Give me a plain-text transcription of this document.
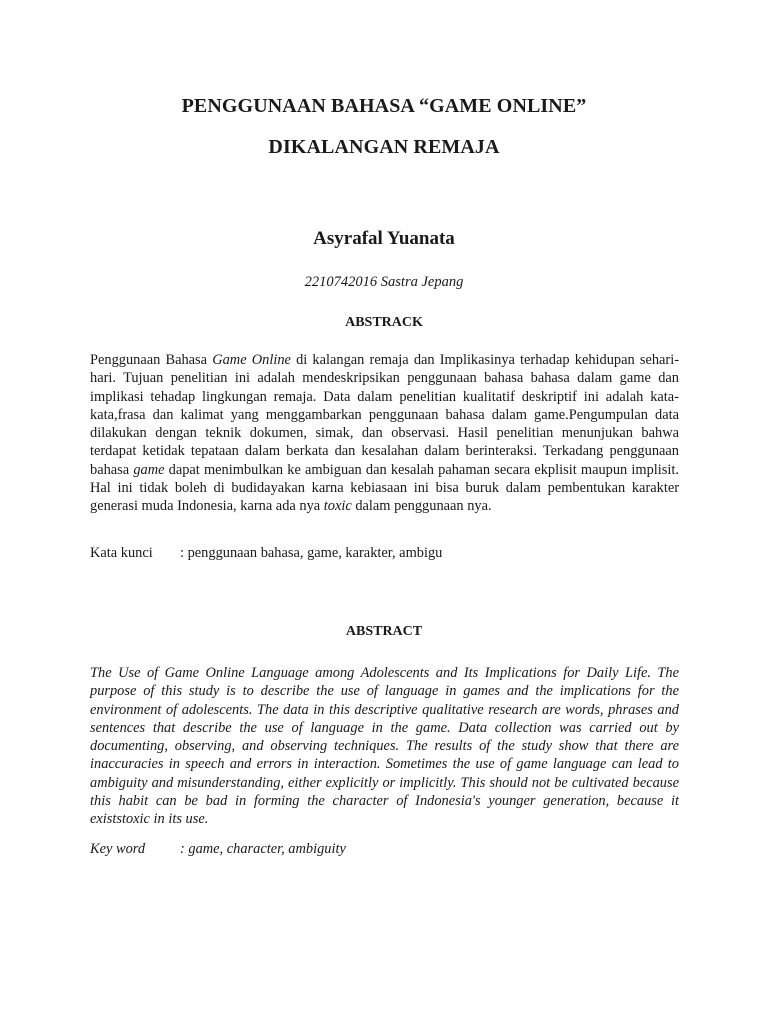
PENGGUNAAN BAHASA “GAME ONLINE”
DIKALANGAN REMAJA
Asyrafal Yuanata
2210742016 Sastra Jepang
ABSTRACK

Penggunaan Bahasa Game Online di kalangan remaja dan Implikasinya terhadap kehidupan sehari-hari. Tujuan penelitian ini adalah mendeskripsikan penggunaan bahasa bahasa dalam game dan implikasi tehadap lingkungan remaja. Data dalam penelitian kualitatif deskriptif ini adalah kata-kata,frasa dan kalimat yang menggambarkan penggunaan bahasa dalam game.Pengumpulan data dilakukan dengan teknik dokumen, simak, dan observasi. Hasil penelitian menunjukan bahwa terdapat ketidak tepataan dalam berkata dan kesalahan dalam berinteraksi. Terkadang penggunaan bahasa game dapat menimbulkan ke ambiguan dan kesalah pahaman secara ekplisit maupun implisit. Hal ini tidak boleh di budidayakan karna kebiasaan ini bisa buruk dalam pembentukan karakter generasi muda Indonesia, karna ada nya toxic dalam penggunaan nya.

Kata kunci : penggunaan bahasa, game, karakter, ambigu
ABSTRACT

The Use of Game Online Language among Adolescents and Its Implications for Daily Life. The purpose of this study is to describe the use of language in games and the implications for the environment of adolescents. The data in this descriptive qualitative research are words, phrases and sentences that describe the use of language in the game. Data collection was carried out by documenting, observing, and observing techniques. The results of the study show that there are inaccuracies in speech and errors in interaction. Sometimes the use of game language can lead to ambiguity and misunderstanding, either explicitly or implicitly. This should not be cultivated because this habit can be bad in forming the character of Indonesia's younger generation, because it existstoxic in its use.

Key word : game, character, ambiguity
